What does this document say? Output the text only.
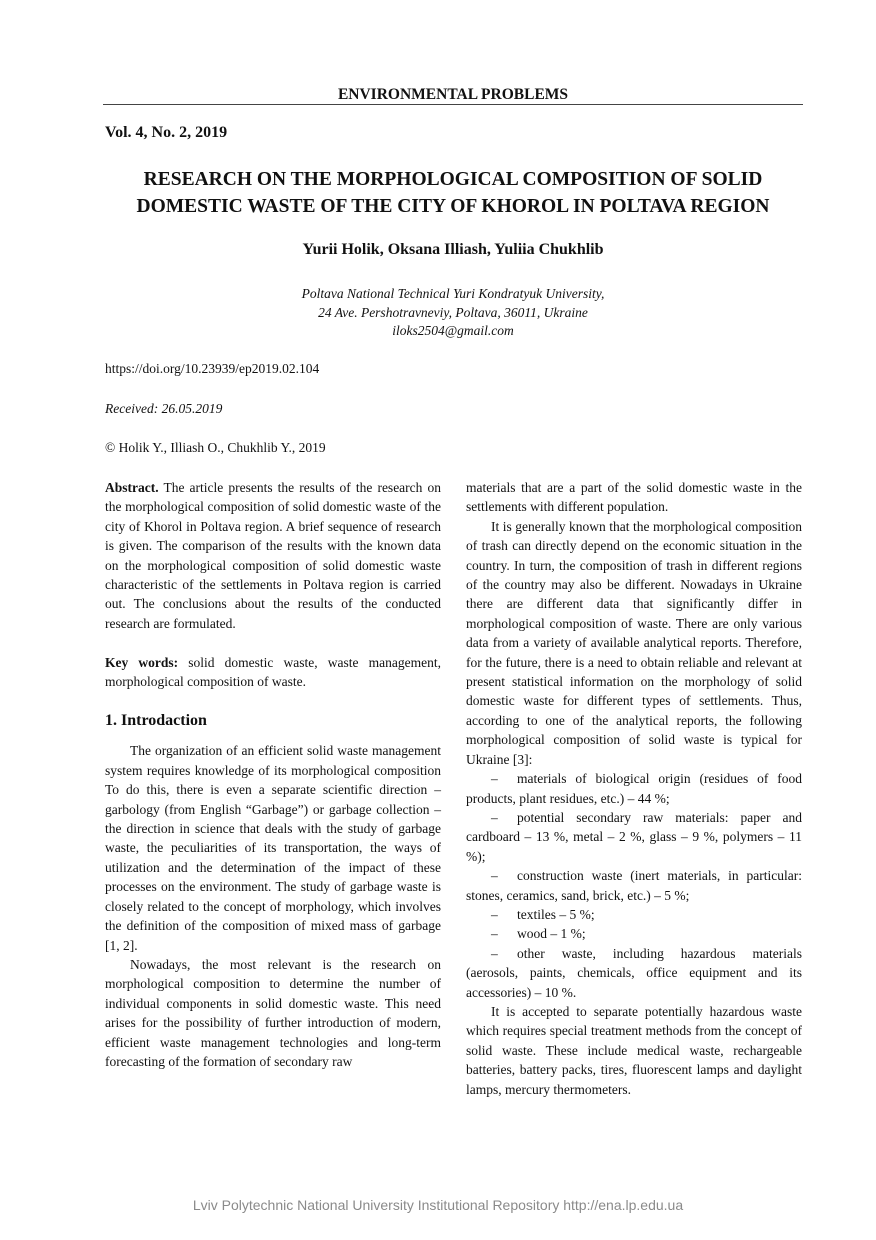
ENVIRONMENTAL PROBLEMS
Vol. 4, No. 2, 2019
RESEARCH ON THE MORPHOLOGICAL COMPOSITION OF SOLID
DOMESTIC WASTE OF THE CITY OF KHOROL IN POLTAVA REGION
Yurii Holik, Oksana Illiash, Yuliia Chukhlib
Poltava National Technical Yuri Kondratyuk University,
24 Ave. Pershotravneviy, Poltava, 36011, Ukraine
iloks2504@gmail.com
https://doi.org/10.23939/ep2019.02.104
Received: 26.05.2019
© Holik Y., Illiash O., Chukhlib Y., 2019

Abstract. The article presents the results of the research on the morphological composition of solid domestic waste of the city of Khorol in Poltava region. A brief sequence of research is given. The comparison of the results with the known data on the morphological composition of solid domestic waste characteristic of the settlements in Poltava region is carried out. The conclusions about the results of the conducted research are formulated.

Key words: solid domestic waste, waste management, morphological composition of waste.

1. Introdaction

The organization of an efficient solid waste management system requires knowledge of its morphological composition To do this, there is even a separate scientific direction – garbology (from English “Garbage”) or garbage collection – the direction in science that deals with the study of garbage waste, the peculiarities of its transportation, the ways of utilization and the determination of the impact of these processes on the environment. The study of garbage waste is closely related to the concept of morphology, which involves the definition of the composition of mixed mass of garbage [1, 2].

Nowadays, the most relevant is the research on morphological composition to determine the number of individual components in solid domestic waste. This need arises for the possibility of further introduction of modern, efficient waste management technologies and long-term forecasting of the formation of secondary raw

materials that are a part of the solid domestic waste in the settlements with different population.

It is generally known that the morphological composition of trash can directly depend on the economic situation in the country. In turn, the composition of trash in different regions of the country may also be different. Nowadays in Ukraine there are different data that significantly differ in morphological composition of waste. There are only various data from a variety of available analytical reports. Therefore, for the future, there is a need to obtain reliable and relevant at present statistical information on the morphology of solid domestic waste for different types of settlements. Thus, according to one of the analytical reports, the following morphological composition of solid waste is typical for Ukraine [3]:

– materials of biological origin (residues of food products, plant residues, etc.) – 44 %;

– potential secondary raw materials: paper and cardboard – 13 %, metal – 2 %, glass – 9 %, polymers – 11 %);

– construction waste (inert materials, in particular: stones, ceramics, sand, brick, etc.) – 5 %;

– textiles – 5 %;

– wood – 1 %;

– other waste, including hazardous materials (aerosols, paints, chemicals, office equipment and its accessories) – 10 %.

It is accepted to separate potentially hazardous waste which requires special treatment methods from the concept of solid waste. These include medical waste, rechargeable batteries, battery packs, tires, fluorescent lamps and daylight lamps, mercury thermometers.

Lviv Polytechnic National University Institutional Repository http://ena.lp.edu.ua
